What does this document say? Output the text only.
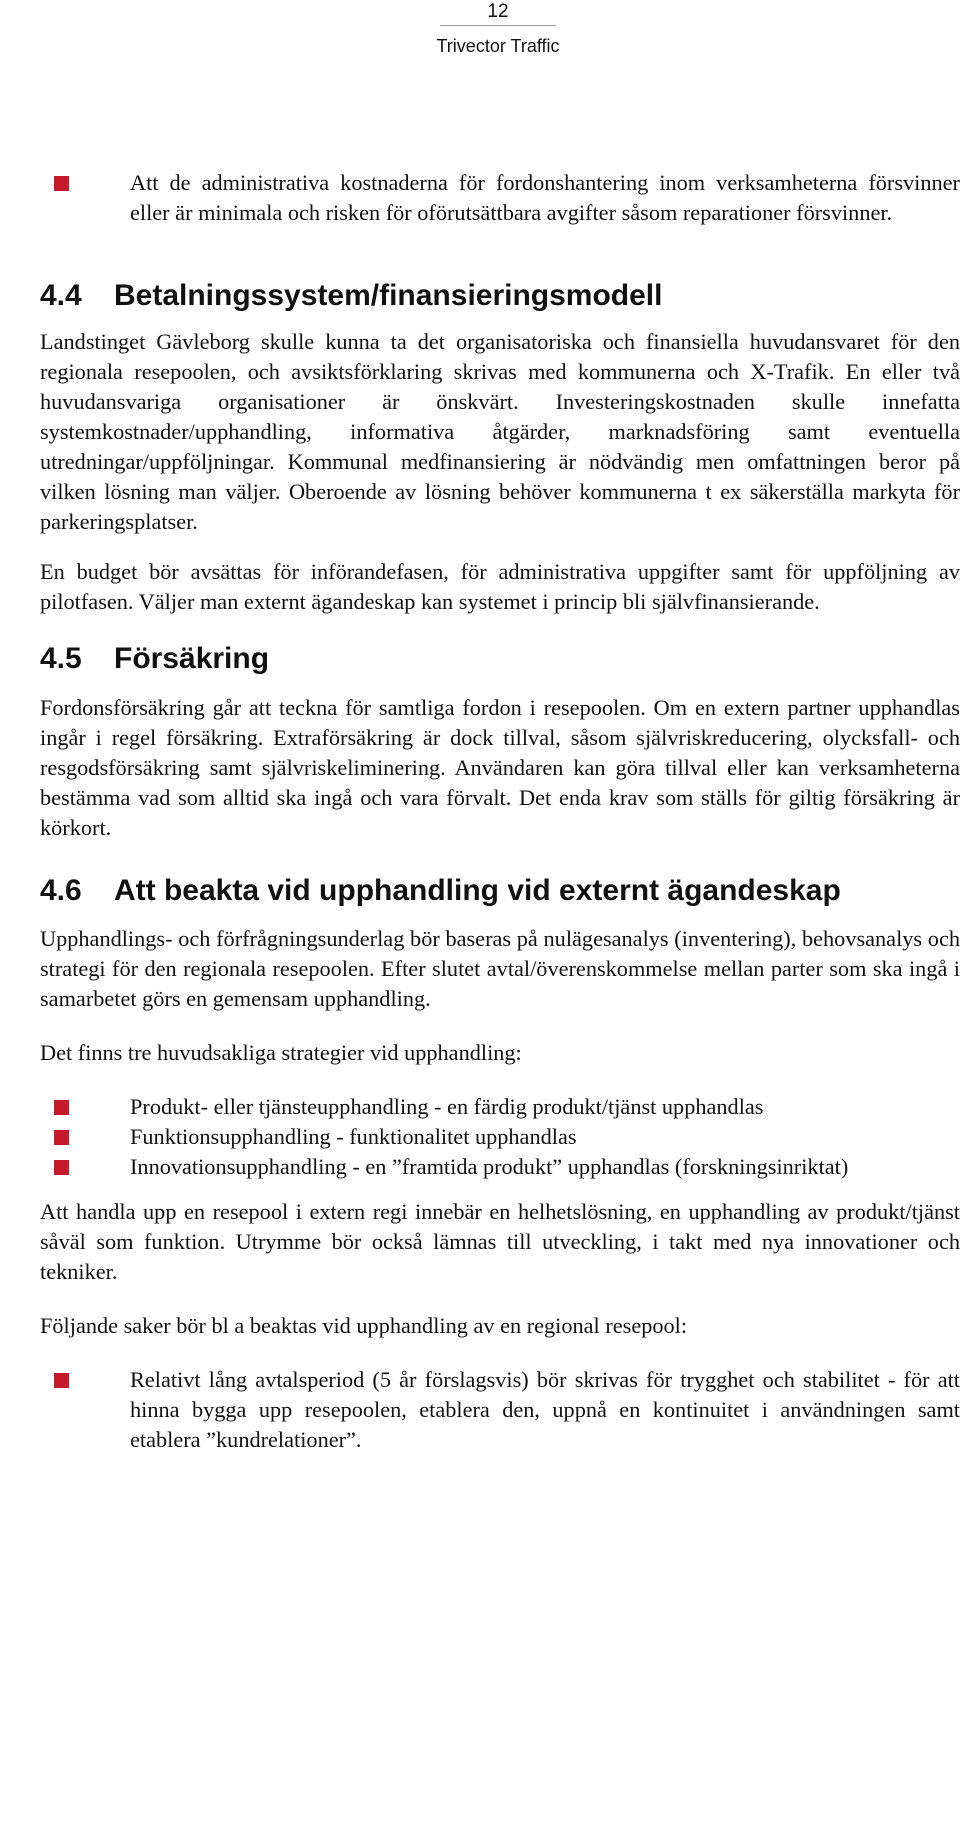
12
Trivector Traffic
Att de administrativa kostnaderna för fordonshantering inom verksamheterna försvinner eller är minimala och risken för oförutsättbara avgifter såsom reparationer försvinner.
4.4 Betalningssystem/finansieringsmodell

Landstinget Gävleborg skulle kunna ta det organisatoriska och finansiella huvudansvaret för den regionala resepoolen, och avsiktsförklaring skrivas med kommunerna och X-Trafik. En eller två huvudansvariga organisationer är önskvärt. Investeringskostnaden skulle innefatta systemkostnader/upphandling, informativa åtgärder, marknadsföring samt eventuella utredningar/uppföljningar. Kommunal medfinansiering är nödvändig men omfattningen beror på vilken lösning man väljer. Oberoende av lösning behöver kommunerna t ex säkerställa markyta för parkeringsplatser.

En budget bör avsättas för införandefasen, för administrativa uppgifter samt för uppföljning av pilotfasen. Väljer man externt ägandeskap kan systemet i princip bli självfinansierande.

4.5 Försäkring

Fordonsförsäkring går att teckna för samtliga fordon i resepoolen. Om en extern partner upphandlas ingår i regel försäkring. Extraförsäkring är dock tillval, såsom självriskreducering, olycksfall- och resgodsförsäkring samt självriskeliminering. Användaren kan göra tillval eller kan verksamheterna bestämma vad som alltid ska ingå och vara förvalt. Det enda krav som ställs för giltig försäkring är körkort.

4.6 Att beakta vid upphandling vid externt ägandeskap

Upphandlings- och förfrågningsunderlag bör baseras på nulägesanalys (inventering), behovsanalys och strategi för den regionala resepoolen. Efter slutet avtal/överenskommelse mellan parter som ska ingå i samarbetet görs en gemensam upphandling.

Det finns tre huvudsakliga strategier vid upphandling:

Produkt- eller tjänsteupphandling - en färdig produkt/tjänst upphandlas
Funktionsupphandling - funktionalitet upphandlas
Innovationsupphandling - en ”framtida produkt” upphandlas (forskningsinriktat)

Att handla upp en resepool i extern regi innebär en helhetslösning, en upphandling av produkt/tjänst såväl som funktion. Utrymme bör också lämnas till utveckling, i takt med nya innovationer och tekniker.

Följande saker bör bl a beaktas vid upphandling av en regional resepool:

Relativt lång avtalsperiod (5 år förslagsvis) bör skrivas för trygghet och stabilitet - för att hinna bygga upp resepoolen, etablera den, uppnå en kontinuitet i användningen samt etablera ”kundrelationer”.
